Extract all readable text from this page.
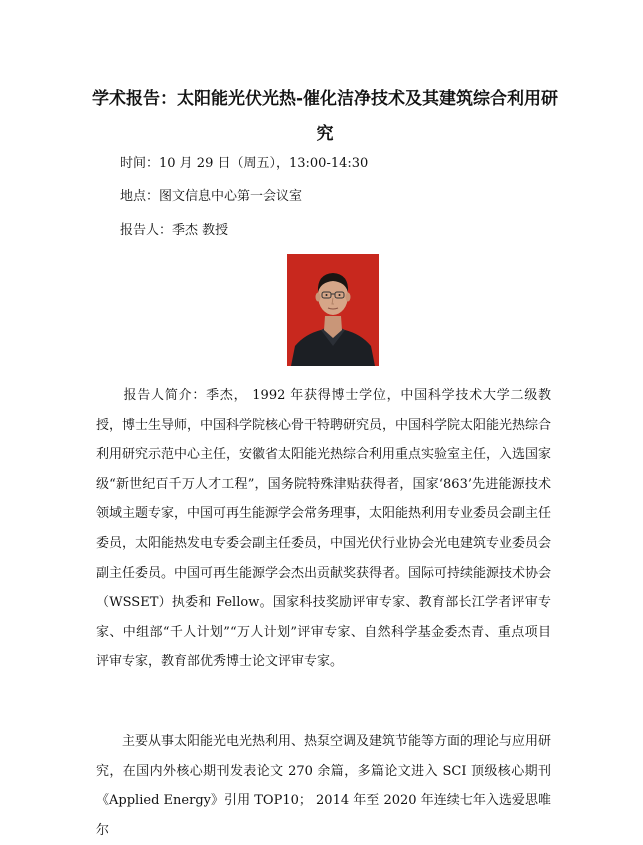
学术报告：太阳能光伏光热-催化洁净技术及其建筑综合利用研究
时间：10 月 29 日（周五），13:00-14:30
地点：图文信息中心第一会议室
报告人：季杰 教授

　　报告人简介：季杰， 1992 年获得博士学位，中国科学技术大学二级教授，博士生导师，中国科学院核心骨干特聘研究员，中国科学院太阳能光热综合利用研究示范中心主任，安徽省太阳能光热综合利用重点实验室主任，入选国家级“新世纪百千万人才工程”，国务院特殊津贴获得者，国家‘863’先进能源技术领域主题专家，中国可再生能源学会常务理事，太阳能热利用专业委员会副主任委员，太阳能热发电专委会副主任委员，中国光伏行业协会光电建筑专业委员会副主任委员。中国可再生能源学会杰出贡献奖获得者。国际可持续能源技术协会（WSSET）执委和 Fellow。国家科技奖励评审专家、教育部长江学者评审专家、中组部“千人计划”“万人计划”评审专家、自然科学基金委杰青、重点项目评审专家，教育部优秀博士论文评审专家。

　　主要从事太阳能光电光热利用、热泵空调及建筑节能等方面的理论与应用研究，在国内外核心期刊发表论文 270 余篇，多篇论文进入 SCI 顶级核心期刊《Applied Energy》引用 TOP10； 2014 年至 2020 年连续七年入选爱思唯尔
